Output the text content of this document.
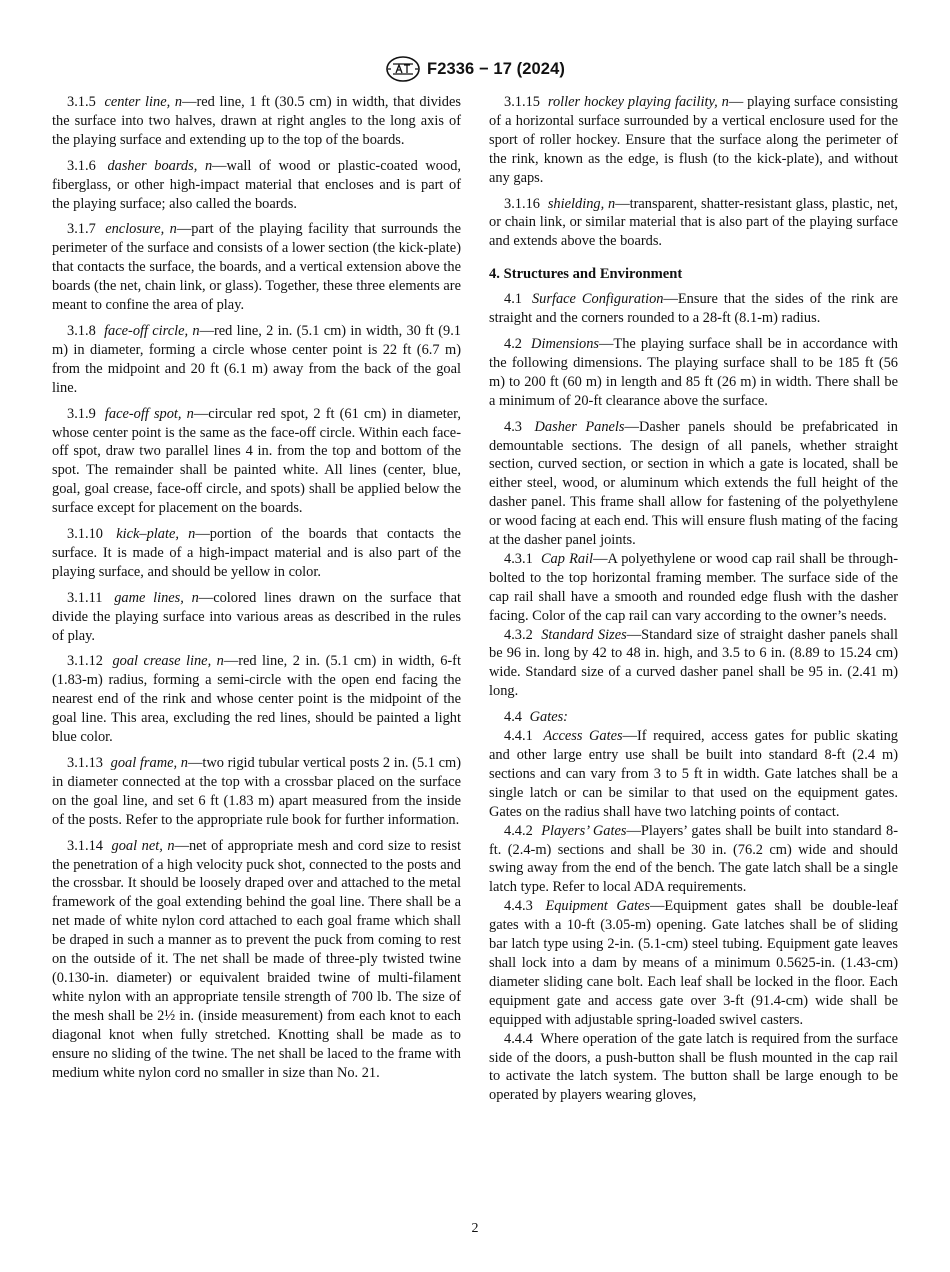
F2336 − 17 (2024)

3.1.5 center line, n—red line, 1 ft (30.5 cm) in width, that divides the surface into two halves, drawn at right angles to the long axis of the playing surface and extending up to the top of the boards.

3.1.6 dasher boards, n—wall of wood or plastic-coated wood, fiberglass, or other high-impact material that encloses and is part of the playing surface; also called the boards.

3.1.7 enclosure, n—part of the playing facility that surrounds the perimeter of the surface and consists of a lower section (the kick-plate) that contacts the surface, the boards, and a vertical extension above the boards (the net, chain link, or glass). Together, these three elements are meant to confine the area of play.

3.1.8 face-off circle, n—red line, 2 in. (5.1 cm) in width, 30 ft (9.1 m) in diameter, forming a circle whose center point is 22 ft (6.7 m) from the midpoint and 20 ft (6.1 m) away from the back of the goal line.

3.1.9 face-off spot, n—circular red spot, 2 ft (61 cm) in diameter, whose center point is the same as the face-off circle. Within each face-off spot, draw two parallel lines 4 in. from the top and bottom of the spot. The remainder shall be painted white. All lines (center, blue, goal, goal crease, face-off circle, and spots) shall be applied below the surface except for placement on the boards.

3.1.10 kick–plate, n—portion of the boards that contacts the surface. It is made of a high-impact material and is also part of the playing surface, and should be yellow in color.

3.1.11 game lines, n—colored lines drawn on the surface that divide the playing surface into various areas as described in the rules of play.

3.1.12 goal crease line, n—red line, 2 in. (5.1 cm) in width, 6-ft (1.83-m) radius, forming a semi-circle with the open end facing the nearest end of the rink and whose center point is the midpoint of the goal line. This area, excluding the red lines, should be painted a light blue color.

3.1.13 goal frame, n—two rigid tubular vertical posts 2 in. (5.1 cm) in diameter connected at the top with a crossbar placed on the surface on the goal line, and set 6 ft (1.83 m) apart measured from the inside of the posts. Refer to the appropriate rule book for further information.

3.1.14 goal net, n—net of appropriate mesh and cord size to resist the penetration of a high velocity puck shot, connected to the posts and the crossbar. It should be loosely draped over and attached to the metal framework of the goal extending behind the goal line. There shall be a net made of white nylon cord attached to each goal frame which shall be draped in such a manner as to prevent the puck from coming to rest on the outside of it. The net shall be made of three-ply twisted twine (0.130-in. diameter) or equivalent braided twine of multi-filament white nylon with an appropriate tensile strength of 700 lb. The size of the mesh shall be 2½ in. (inside measurement) from each knot to each diagonal knot when fully stretched. Knotting shall be made as to ensure no sliding of the twine. The net shall be laced to the frame with medium white nylon cord no smaller in size than No. 21.

3.1.15 roller hockey playing facility, n— playing surface consisting of a horizontal surface surrounded by a vertical enclosure used for the sport of roller hockey. Ensure that the surface along the perimeter of the rink, known as the edge, is flush (to the kick-plate), and without any gaps.

3.1.16 shielding, n—transparent, shatter-resistant glass, plastic, net, or chain link, or similar material that is also part of the playing surface and extends above the boards.

4. Structures and Environment

4.1 Surface Configuration—Ensure that the sides of the rink are straight and the corners rounded to a 28-ft (8.1-m) radius.

4.2 Dimensions—The playing surface shall be in accordance with the following dimensions. The playing surface shall to be 185 ft (56 m) to 200 ft (60 m) in length and 85 ft (26 m) in width. There shall be a minimum of 20-ft clearance above the surface.

4.3 Dasher Panels—Dasher panels should be prefabricated in demountable sections. The design of all panels, whether straight section, curved section, or section in which a gate is located, shall be either steel, wood, or aluminum which extends the full height of the dasher panel. This frame shall allow for fastening of the polyethylene or wood facing at each end. This will ensure flush mating of the facing at the dasher panel joints.

4.3.1 Cap Rail—A polyethylene or wood cap rail shall be through-bolted to the top horizontal framing member. The surface side of the cap rail shall have a smooth and rounded edge flush with the dasher facing. Color of the cap rail can vary according to the owner’s needs.

4.3.2 Standard Sizes—Standard size of straight dasher panels shall be 96 in. long by 42 to 48 in. high, and 3.5 to 6 in. (8.89 to 15.24 cm) wide. Standard size of a curved dasher panel shall be 95 in. (2.41 m) long.

4.4 Gates:

4.4.1 Access Gates—If required, access gates for public skating and other large entry use shall be built into standard 8-ft (2.4 m) sections and can vary from 3 to 5 ft in width. Gate latches shall be a single latch or can be similar to that used on the equipment gates. Gates on the radius shall have two latching points of contact.

4.4.2 Players’ Gates—Players’ gates shall be built into standard 8-ft. (2.4-m) sections and shall be 30 in. (76.2 cm) wide and should swing away from the end of the bench. The gate latch shall be a single latch type. Refer to local ADA requirements.

4.4.3 Equipment Gates—Equipment gates shall be double-leaf gates with a 10-ft (3.05-m) opening. Gate latches shall be of sliding bar latch type using 2-in. (5.1-cm) steel tubing. Equipment gate leaves shall lock into a dam by means of a minimum 0.5625-in. (1.43-cm) diameter sliding cane bolt. Each leaf shall be locked in the floor. Each equipment gate and access gate over 3-ft (91.4-cm) wide shall be equipped with adjustable spring-loaded swivel casters.

4.4.4 Where operation of the gate latch is required from the surface side of the doors, a push-button shall be flush mounted in the cap rail to activate the latch system. The button shall be large enough to be operated by players wearing gloves,

2
